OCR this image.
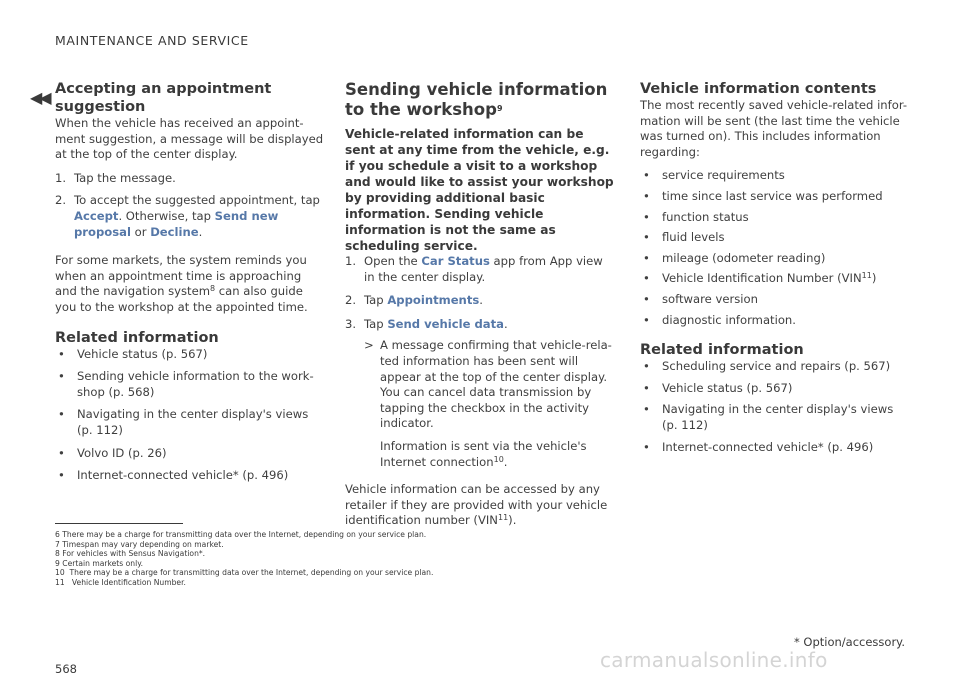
MAINTENANCE AND SERVICE
◀◀ Accepting an appointment suggestion

When the vehicle has received an appoint-ment suggestion, a message will be displayed at the top of the center display.

1. Tap the message.
2. To accept the suggested appointment, tap Accept. Otherwise, tap Send new proposal or Decline.

For some markets, the system reminds you when an appointment time is approaching and the navigation system$^8$ can also guide you to the workshop at the appointed time.

Related information
• Vehicle status (p. 567)
• Sending vehicle information to the work-shop (p. 568)
• Navigating in the center display's views (p. 112)
• Volvo ID (p. 26)
• Internet-connected vehicle* (p. 496)
Sending vehicle information to the workshop$^9$

Vehicle-related information can be sent at any time from the vehicle, e.g. if you schedule a visit to a workshop and would like to assist your workshop by providing additional basic information. Sending vehicle information is not the same as scheduling service.

1. Open the Car Status app from App view in the center display.
2. Tap Appointments.
3. Tap Send vehicle data.
> A message confirming that vehicle-rela-ted information has been sent will appear at the top of the center display. You can cancel data transmission by tapping the checkbox in the activity indicator.
Information is sent via the vehicle's Internet connection$^{10}$.

Vehicle information can be accessed by any retailer if they are provided with your vehicle identification number (VIN$^{11}$).

Vehicle information contents

The most recently saved vehicle-related infor-mation will be sent (the last time the vehicle was turned on). This includes information regarding:

• service requirements
• time since last service was performed
• function status
• fluid levels
• mileage (odometer reading)
• Vehicle Identification Number (VIN$^{11}$)
• software version
• diagnostic information.
Related information
• Scheduling service and repairs (p. 567)
• Vehicle status (p. 567)
• Navigating in the center display's views (p. 112)
• Internet-connected vehicle* (p. 496)
6 There may be a charge for transmitting data over the Internet, depending on your service plan.
7 Timespan may vary depending on market.
8 For vehicles with Sensus Navigation*.
9 Certain markets only.
10 There may be a charge for transmitting data over the Internet, depending on your service plan.
11 Vehicle Identification Number.
* Option/accessory.
568	carmanualsonline.info
